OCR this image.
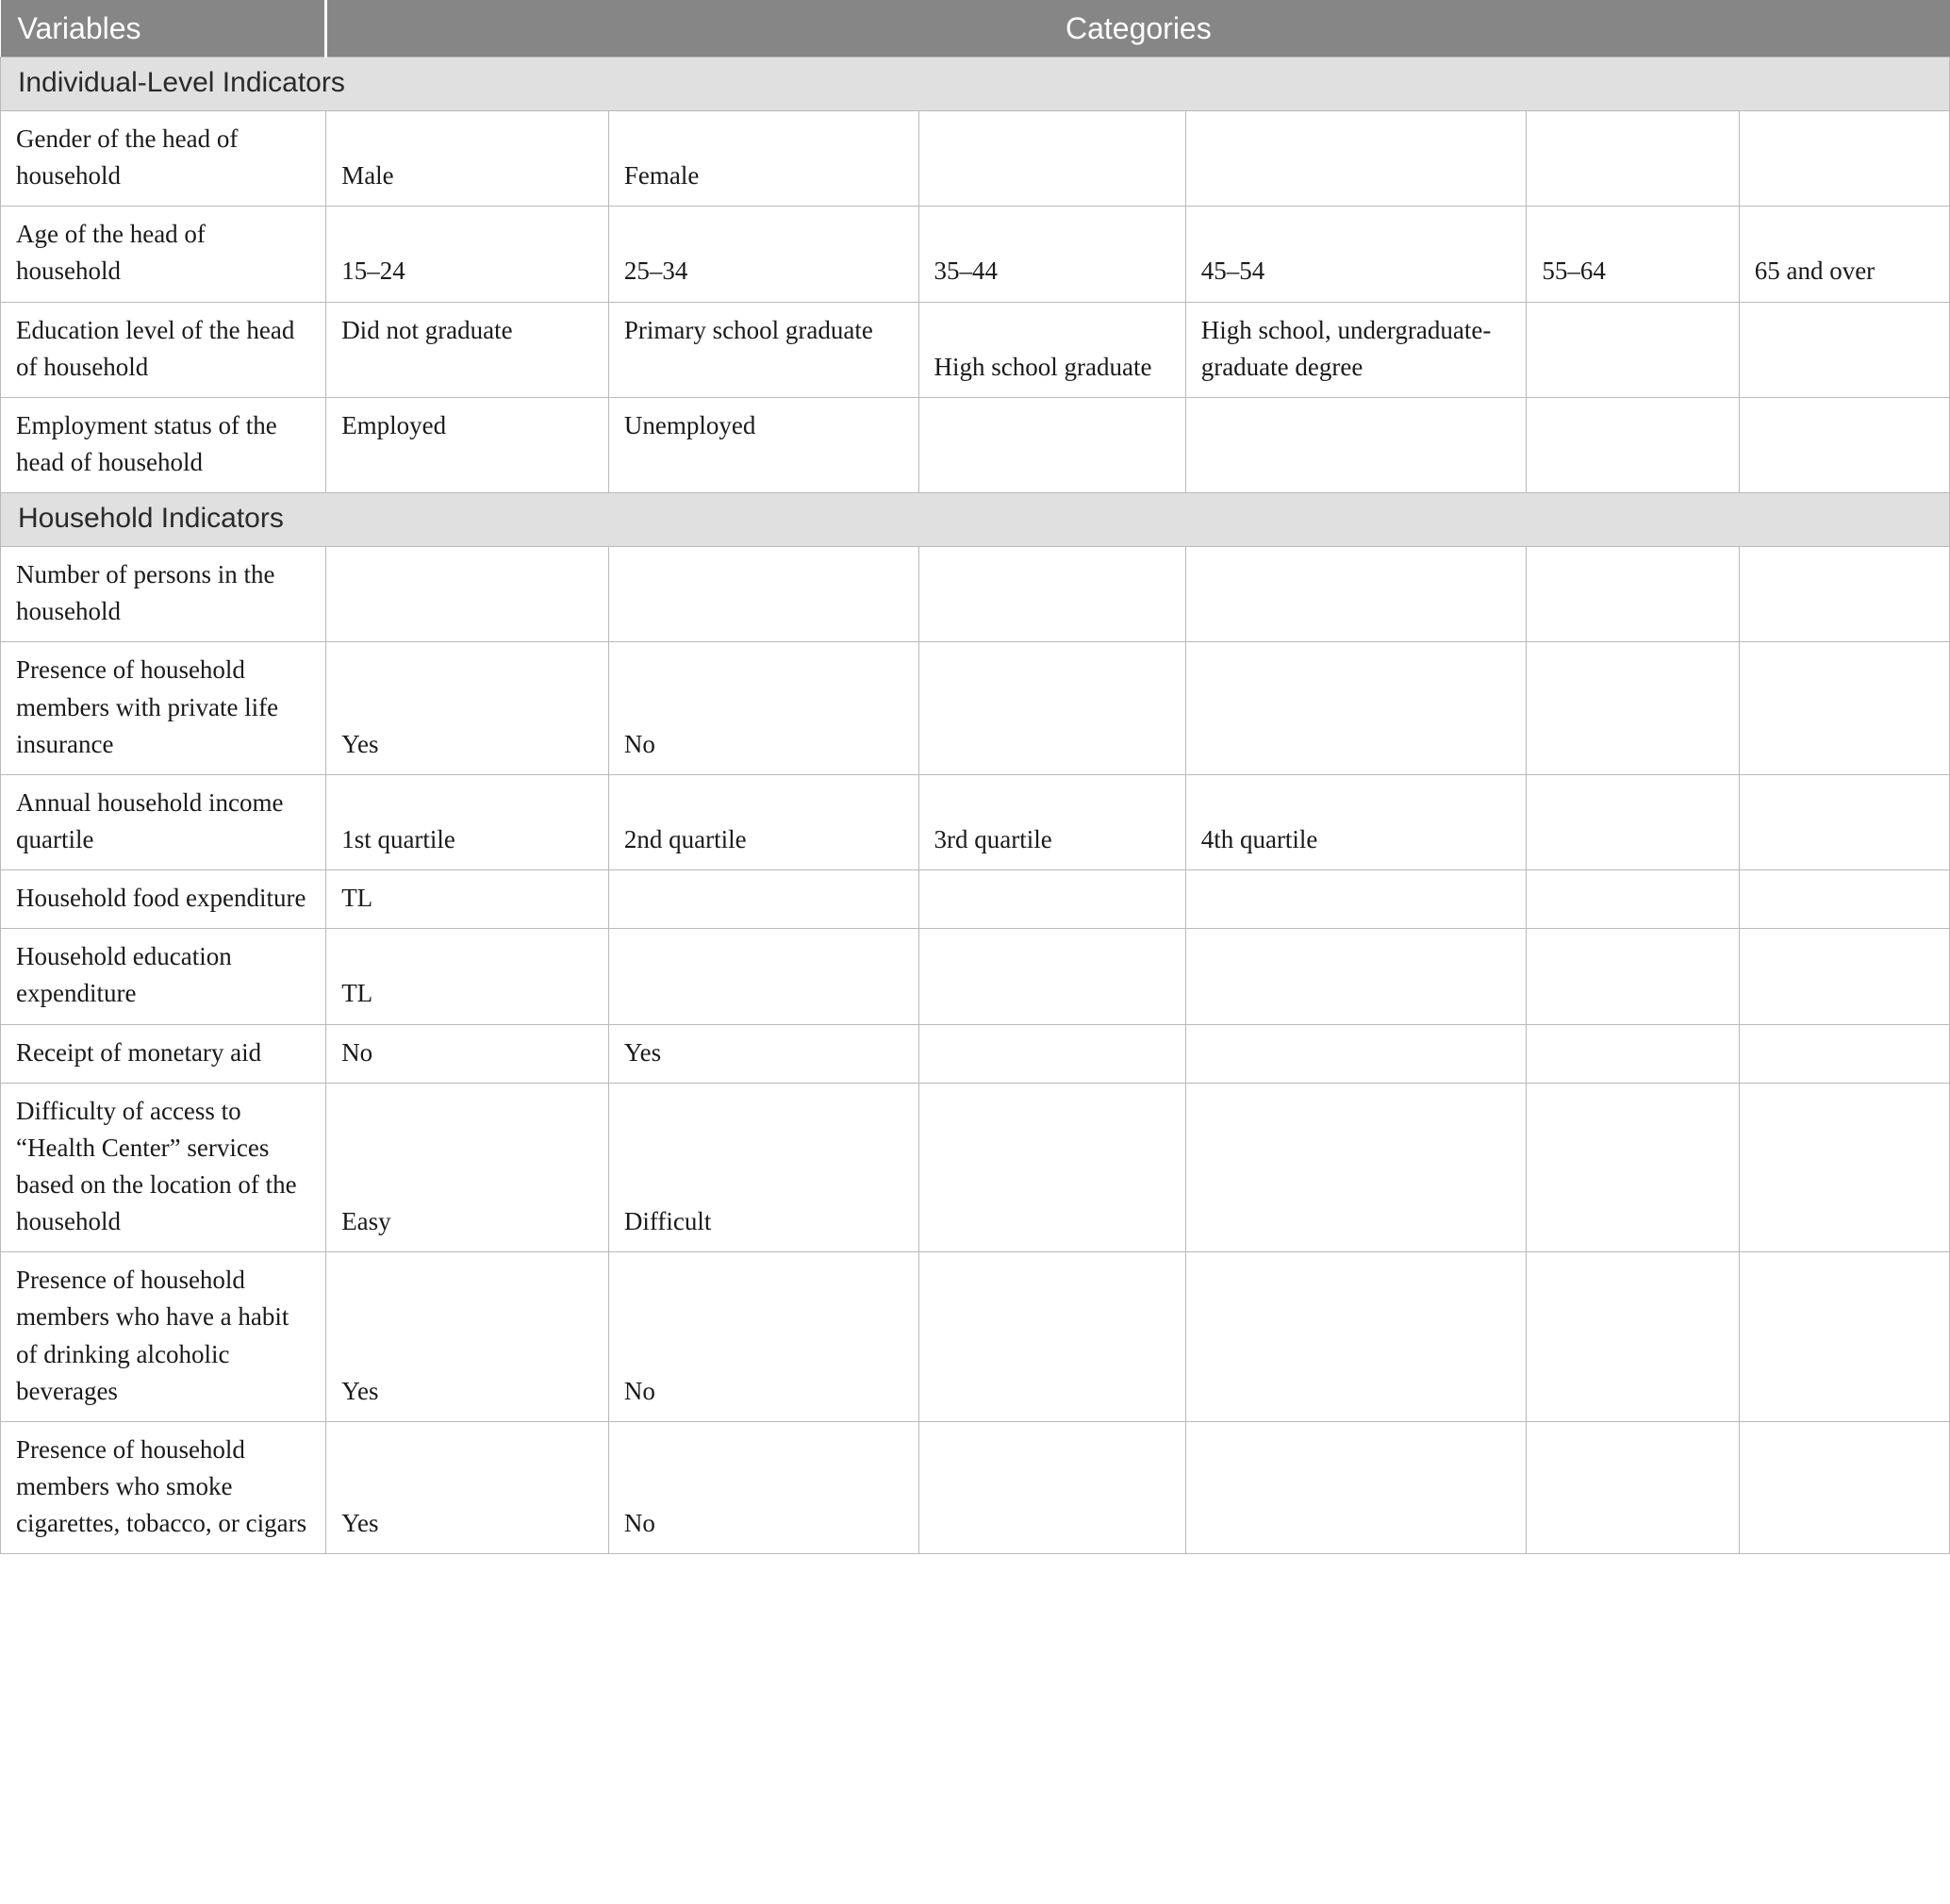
Variables	Categories					
Individual-Level Indicators						
Gender of the head of household	Male	Female				
Age of the head of household	15–24	25–34	35–44	45–54	55–64	65 and over
Education level of the head of household	Did not graduate	Primary school graduate	High school graduate	High school, undergraduate-graduate degree		
Employment status of the head of household	Employed	Unemployed				
Household Indicators						
Number of persons in the household						
Presence of household members with private life insurance	Yes	No				
Annual household income quartile	1st quartile	2nd quartile	3rd quartile	4th quartile		
Household food expenditure	TL					
Household education expenditure	TL					
Receipt of monetary aid	No	Yes				
Difficulty of access to “Health Center” services based on the location of the household	Easy	Difficult				
Presence of household members who have a habit of drinking alcoholic beverages	Yes	No				
Presence of household members who smoke cigarettes, tobacco, or cigars	Yes	No				
